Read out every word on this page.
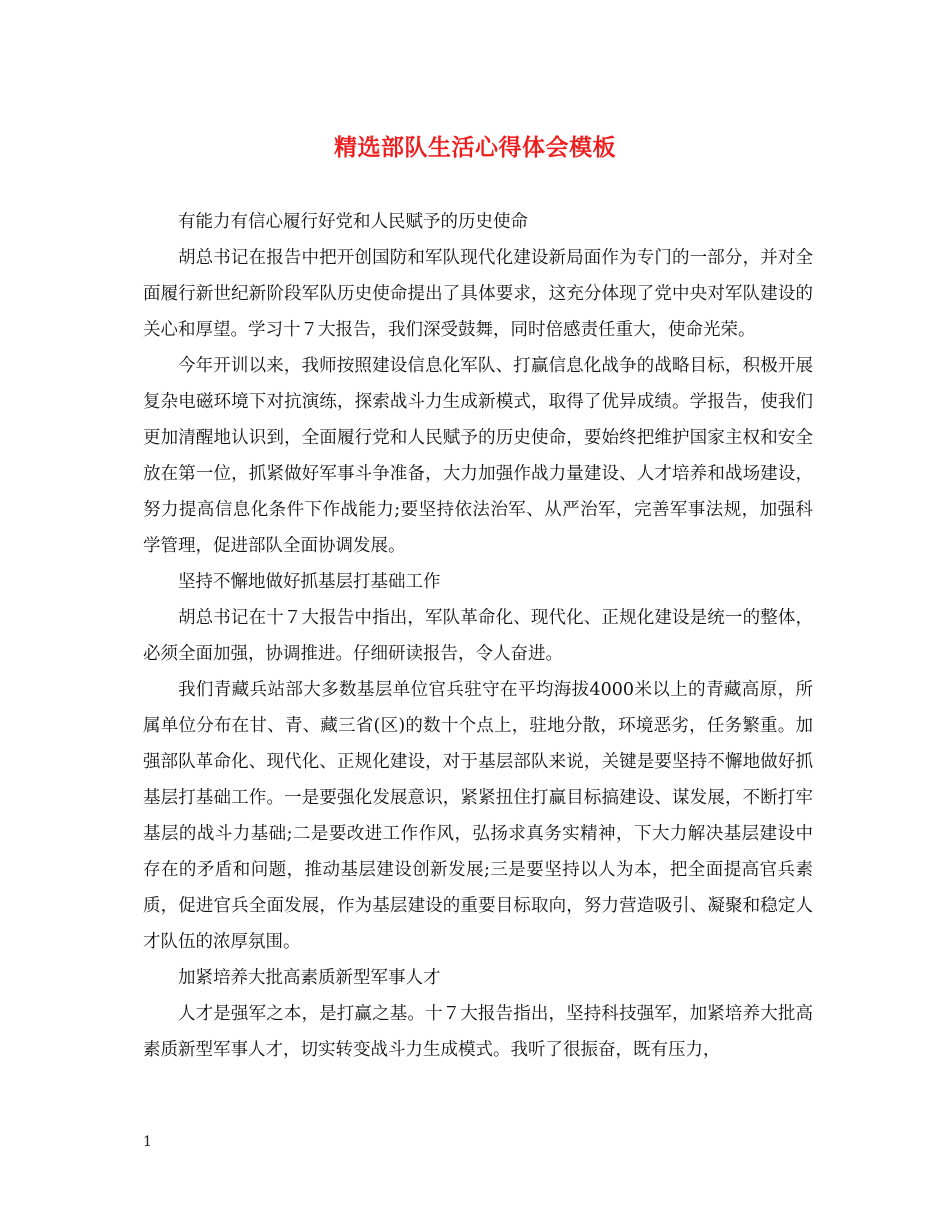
精选部队生活心得体会模板

有能力有信心履行好党和人民赋予的历史使命

胡总书记在报告中把开创国防和军队现代化建设新局面作为专门的一部分，并对全面履行新世纪新阶段军队历史使命提出了具体要求，这充分体现了党中央对军队建设的关心和厚望。学习十７大报告，我们深受鼓舞，同时倍感责任重大，使命光荣。

今年开训以来，我师按照建设信息化军队、打赢信息化战争的战略目标，积极开展复杂电磁环境下对抗演练，探索战斗力生成新模式，取得了优异成绩。学报告，使我们更加清醒地认识到，全面履行党和人民赋予的历史使命，要始终把维护国家主权和安全放在第一位，抓紧做好军事斗争准备，大力加强作战力量建设、人才培养和战场建设，努力提高信息化条件下作战能力;要坚持依法治军、从严治军，完善军事法规，加强科学管理，促进部队全面协调发展。

坚持不懈地做好抓基层打基础工作

胡总书记在十７大报告中指出，军队革命化、现代化、正规化建设是统一的整体，必须全面加强，协调推进。仔细研读报告，令人奋进。

我们青藏兵站部大多数基层单位官兵驻守在平均海拔4000米以上的青藏高原，所属单位分布在甘、青、藏三省(区)的数十个点上，驻地分散，环境恶劣，任务繁重。加强部队革命化、现代化、正规化建设，对于基层部队来说，关键是要坚持不懈地做好抓基层打基础工作。一是要强化发展意识，紧紧扭住打赢目标搞建设、谋发展，不断打牢基层的战斗力基础;二是要改进工作作风，弘扬求真务实精神，下大力解决基层建设中存在的矛盾和问题，推动基层建设创新发展;三是要坚持以人为本，把全面提高官兵素质，促进官兵全面发展，作为基层建设的重要目标取向，努力营造吸引、凝聚和稳定人才队伍的浓厚氛围。

加紧培养大批高素质新型军事人才

人才是强军之本，是打赢之基。十７大报告指出，坚持科技强军，加紧培养大批高素质新型军事人才，切实转变战斗力生成模式。我听了很振奋，既有压力，

1
